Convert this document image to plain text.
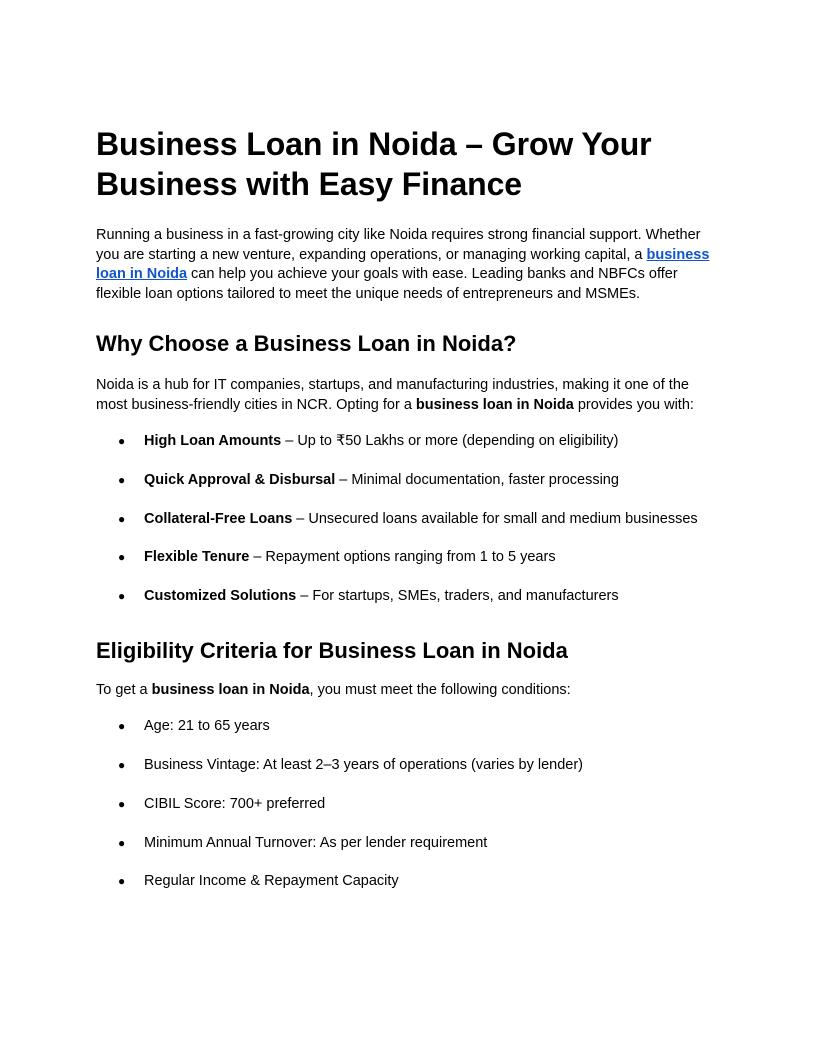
Business Loan in Noida – Grow Your Business with Easy Finance

Running a business in a fast-growing city like Noida requires strong financial support. Whether you are starting a new venture, expanding operations, or managing working capital, a business loan in Noida can help you achieve your goals with ease. Leading banks and NBFCs offer flexible loan options tailored to meet the unique needs of entrepreneurs and MSMEs.

Why Choose a Business Loan in Noida?

Noida is a hub for IT companies, startups, and manufacturing industries, making it one of the most business-friendly cities in NCR. Opting for a business loan in Noida provides you with:

● High Loan Amounts – Up to ₹50 Lakhs or more (depending on eligibility)
● Quick Approval & Disbursal – Minimal documentation, faster processing
● Collateral-Free Loans – Unsecured loans available for small and medium businesses
● Flexible Tenure – Repayment options ranging from 1 to 5 years
● Customized Solutions – For startups, SMEs, traders, and manufacturers
Eligibility Criteria for Business Loan in Noida

To get a business loan in Noida, you must meet the following conditions:

● Age: 21 to 65 years
● Business Vintage: At least 2–3 years of operations (varies by lender)
● CIBIL Score: 700+ preferred
● Minimum Annual Turnover: As per lender requirement
● Regular Income & Repayment Capacity
